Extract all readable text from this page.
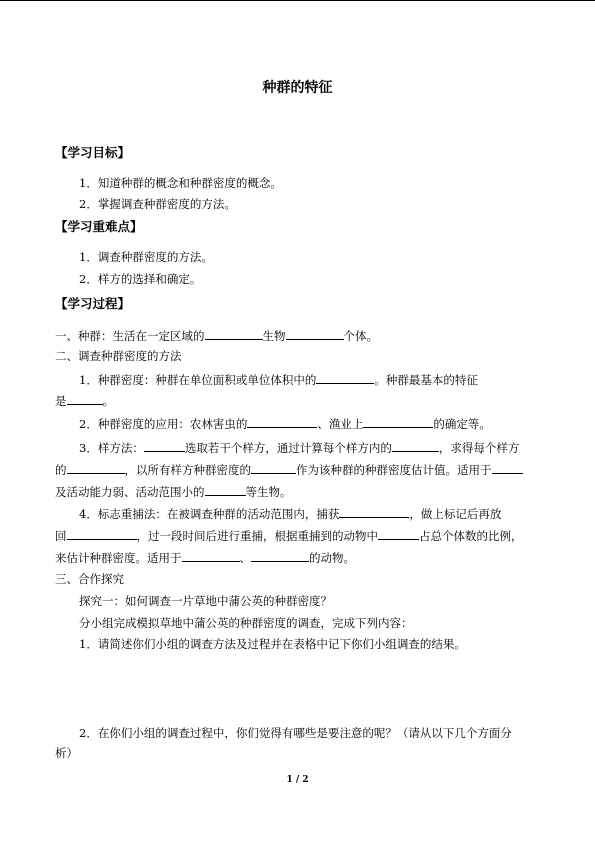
种群的特征
【学习目标】
1．知道种群的概念和种群密度的概念。
2．掌握调查种群密度的方法。
【学习重难点】
1．调查种群密度的方法。
2．样方的选择和确定。
【学习过程】
一、种群：生活在一定区域的	生物	个体。
二、调查种群密度的方法
1．种群密度：种群在单位面积或单位体积中的	。种群最基本的特征
是	。
2．种群密度的应用：农林害虫的	、渔业上	的确定等。
3．样方法：	选取若干个样方，通过计算每个样方内的	，求得每个样方
的	，以所有样方种群密度的	作为该种群的种群密度估计值。适用于
及活动能力弱、活动范围小的	等生物。
4．标志重捕法：在被调查种群的活动范围内，捕获	，做上标记后再放
回	，过一段时间后进行重捕，根据重捕到的动物中	占总个体数的比例，
来估计种群密度。适用于	、	的动物。
三、合作探究
探究一：如何调查一片草地中蒲公英的种群密度？
分小组完成模拟草地中蒲公英的种群密度的调查，完成下列内容：
1．请简述你们小组的调查方法及过程并在表格中记下你们小组调查的结果。
2．在你们小组的调查过程中，你们觉得有哪些是要注意的呢？（请从以下几个方面分
析）
1 / 2
